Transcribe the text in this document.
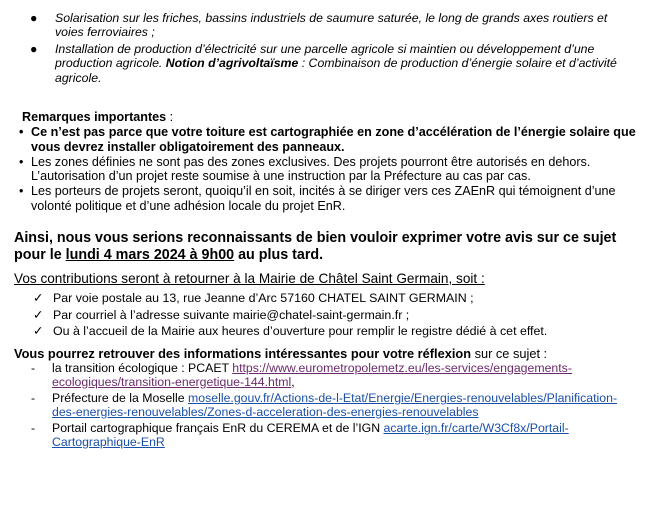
● Solarisation sur les friches, bassins industriels de saumure saturée, le long de grands axes routiers et voies ferroviaires ;
● Installation de production d’électricité sur une parcelle agricole si maintien ou développement d’une production agricole. Notion d’agrivoltaïsme : Combinaison de production d’énergie solaire et d’activité agricole.
Remarques importantes :
• Ce n’est pas parce que votre toiture est cartographiée en zone d’accélération de l’énergie solaire que vous devrez installer obligatoirement des panneaux.
• Les zones définies ne sont pas des zones exclusives. Des projets pourront être autorisés en dehors. L’autorisation d’un projet reste soumise à une instruction par la Préfecture au cas par cas.
• Les porteurs de projets seront, quoiqu’il en soit, incités à se diriger vers ces ZAEnR qui témoignent d’une volonté politique et d’une adhésion locale du projet EnR.
Ainsi, nous vous serions reconnaissants de bien vouloir exprimer votre avis sur ce sujet pour le lundi 4 mars 2024 à 9h00 au plus tard.
Vos contributions seront à retourner à la Mairie de Châtel Saint Germain, soit :
✓ Par voie postale au 13, rue Jeanne d’Arc 57160 CHATEL SAINT GERMAIN ;
✓ Par courriel à l’adresse suivante mairie@chatel-saint-germain.fr ;
✓ Ou à l’accueil de la Mairie aux heures d’ouverture pour remplir le registre dédié à cet effet.
Vous pourrez retrouver des informations intéressantes pour votre réflexion sur ce sujet :
- la transition écologique : PCAET https://www.eurometropolemetz.eu/les-services/engagements-ecologiques/transition-energetique-144.html,
- Préfecture de la Moselle moselle.gouv.fr/Actions-de-l-Etat/Energie/Energies-renouvelables/Planification-des-energies-renouvelables/Zones-d-acceleration-des-energies-renouvelables
- Portail cartographique français EnR du CEREMA et de l’IGN acarte.ign.fr/carte/W3Cf8x/Portail-Cartographique-EnR
